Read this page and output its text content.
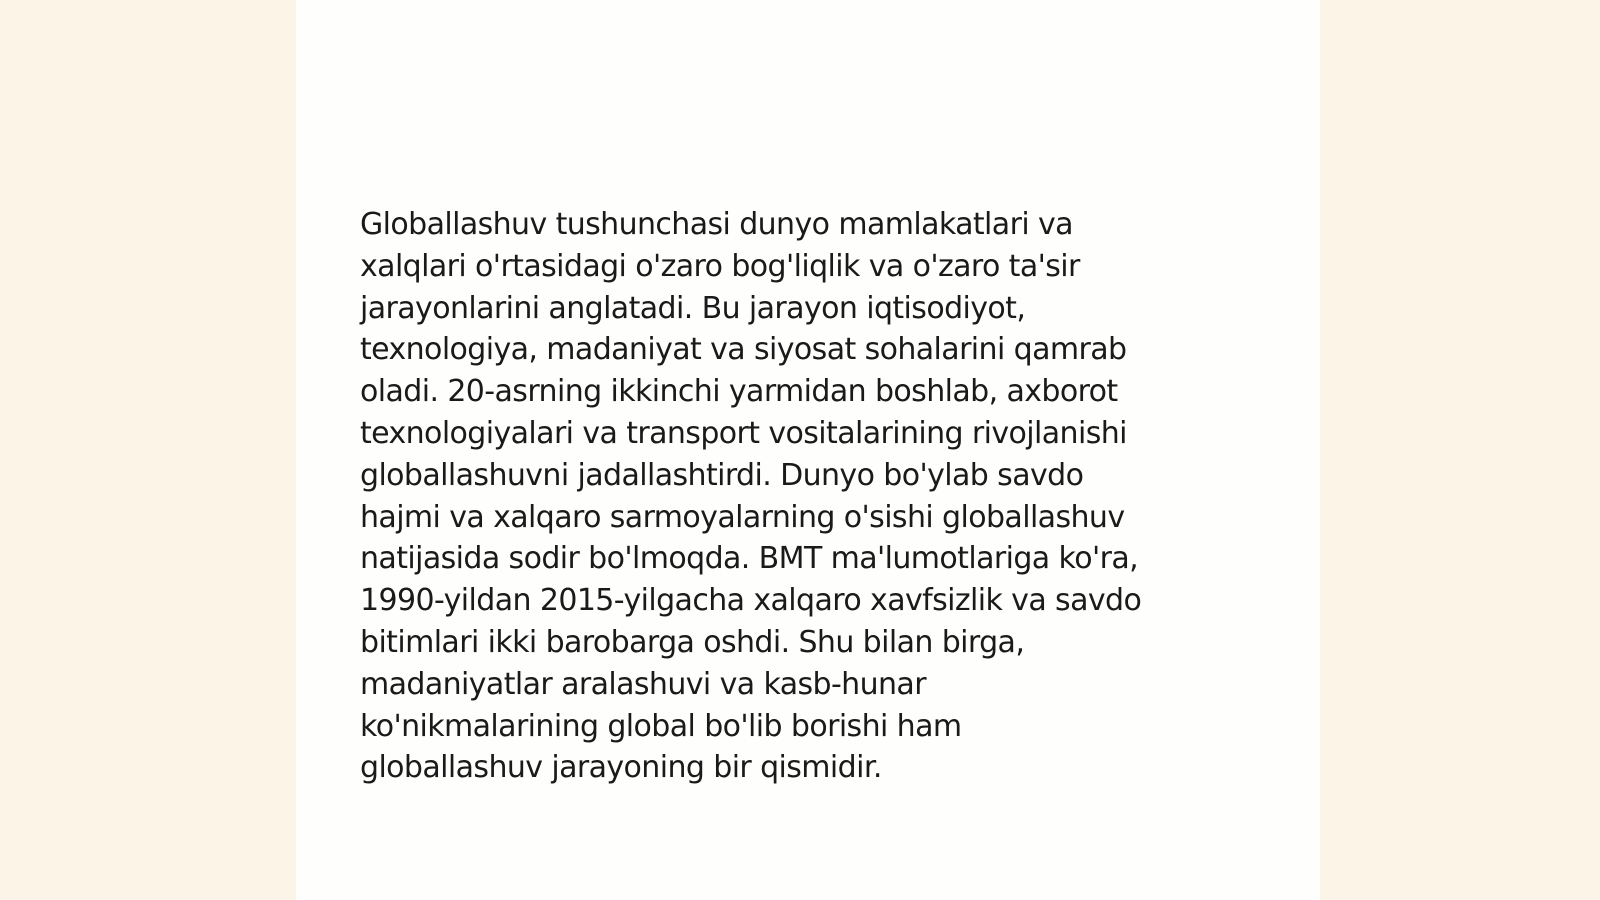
Globallashuv tushunchasi dunyo mamlakatlari va
xalqlari o'rtasidagi o'zaro bog'liqlik va o'zaro ta'sir
jarayonlarini anglatadi. Bu jarayon iqtisodiyot,
texnologiya, madaniyat va siyosat sohalarini qamrab
oladi. 20-asrning ikkinchi yarmidan boshlab, axborot
texnologiyalari va transport vositalarining rivojlanishi
globallashuvni jadallashtirdi. Dunyo bo'ylab savdo
hajmi va xalqaro sarmoyalarning o'sishi globallashuv
natijasida sodir bo'lmoqda. BMT ma'lumotlariga ko'ra,
1990-yildan 2015-yilgacha xalqaro xavfsizlik va savdo
bitimlari ikki barobarga oshdi. Shu bilan birga,
madaniyatlar aralashuvi va kasb-hunar
ko'nikmalarining global bo'lib borishi ham
globallashuv jarayoning bir qismidir.
